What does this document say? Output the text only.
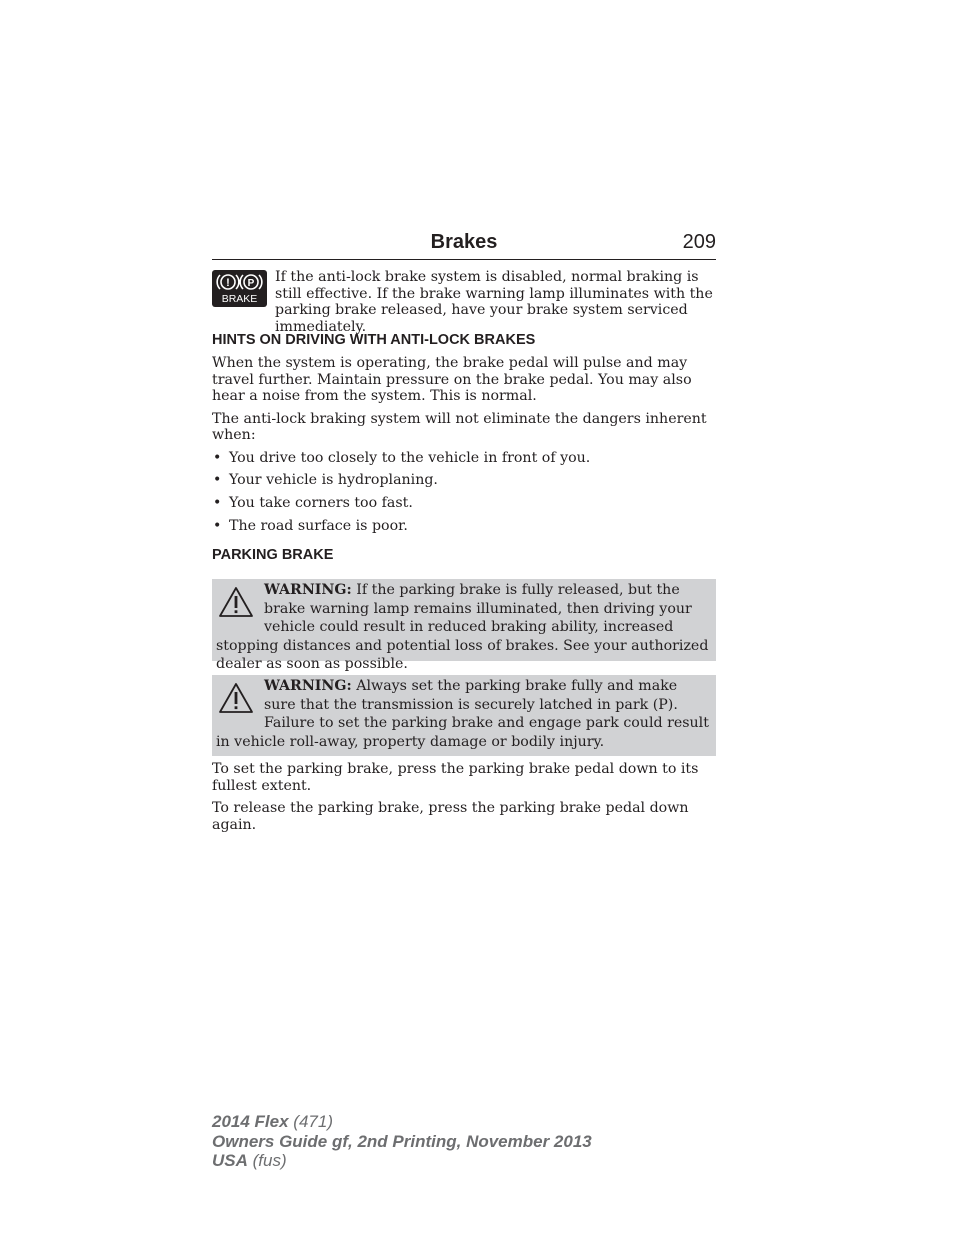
Brakes	209
! P
BRAKE

If the anti-lock brake system is disabled, normal braking is still effective. If the brake warning lamp illuminates with the parking brake released, have your brake system serviced immediately.

HINTS ON DRIVING WITH ANTI-LOCK BRAKES

When the system is operating, the brake pedal will pulse and may travel further. Maintain pressure on the brake pedal. You may also hear a noise from the system. This is normal.

The anti-lock braking system will not eliminate the dangers inherent when:

• You drive too closely to the vehicle in front of you.
• Your vehicle is hydroplaning.
• You take corners too fast.
• The road surface is poor.
PARKING BRAKE

WARNING: If the parking brake is fully released, but the brake warning lamp remains illuminated, then driving your vehicle could result in reduced braking ability, increased stopping distances and potential loss of brakes. See your authorized dealer as soon as possible.

WARNING: Always set the parking brake fully and make sure that the transmission is securely latched in park (P). Failure to set the parking brake and engage park could result in vehicle roll-away, property damage or bodily injury.

To set the parking brake, press the parking brake pedal down to its fullest extent.

To release the parking brake, press the parking brake pedal down again.

2014 Flex (471)
Owners Guide gf, 2nd Printing, November 2013
USA (fus)
